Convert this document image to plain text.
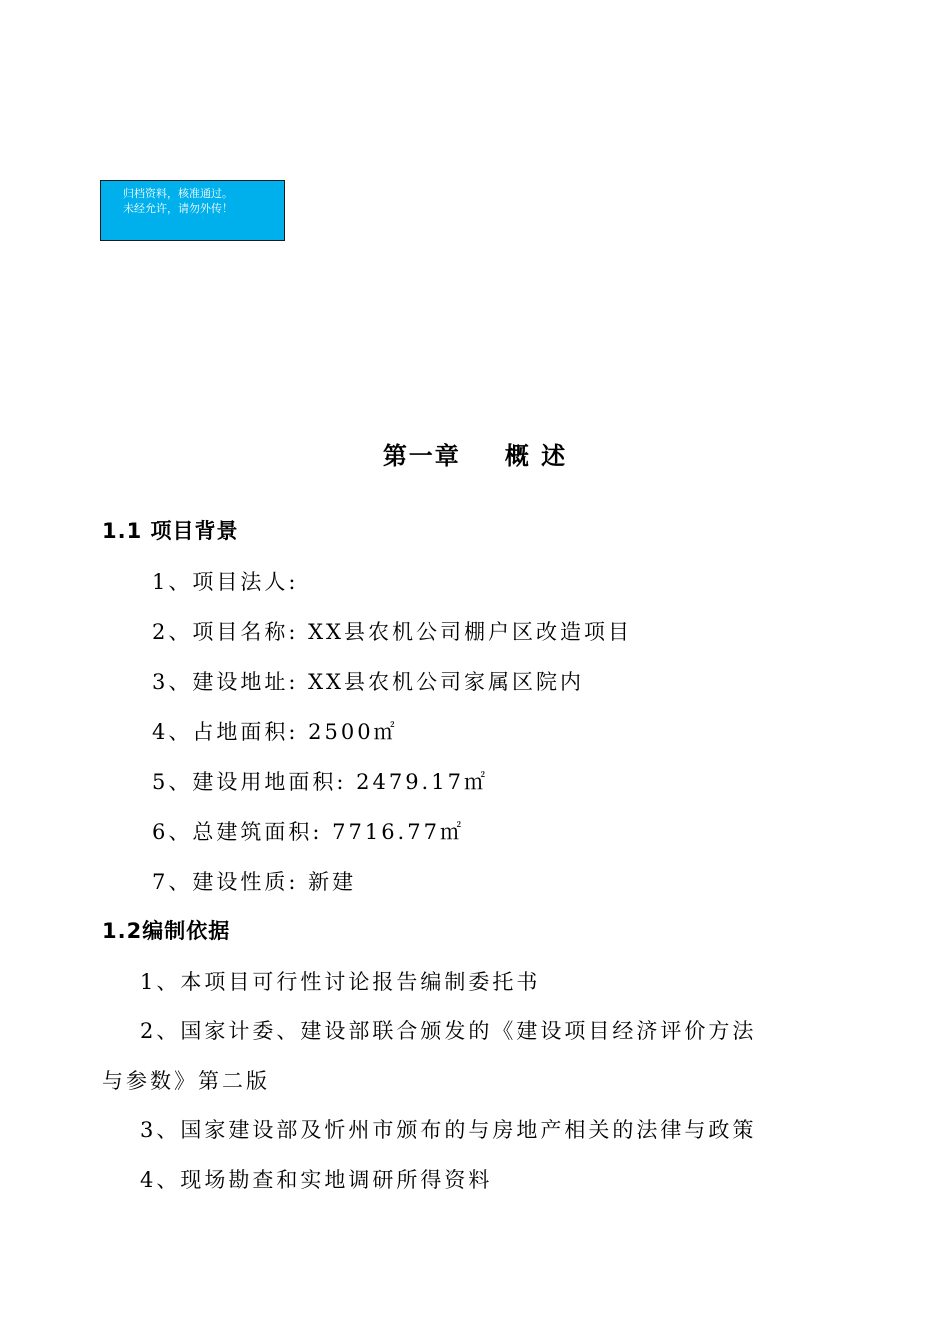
归档资料，核准通过。
未经允许，请勿外传！
第一章 概 述
1.1 项目背景
1、项目法人:
2、项目名称: XX县农机公司棚户区改造项目
3、建设地址: XX县农机公司家属区院内
4、占地面积: 2500㎡
5、建设用地面积: 2479.17㎡
6、总建筑面积: 7716.77㎡
7、建设性质: 新建
1.2编制依据
1、本项目可行性讨论报告编制委托书
2、国家计委、建设部联合颁发的《建设项目经济评价方法
与参数》第二版
3、国家建设部及忻州市颁布的与房地产相关的法律与政策
4、现场勘查和实地调研所得资料
